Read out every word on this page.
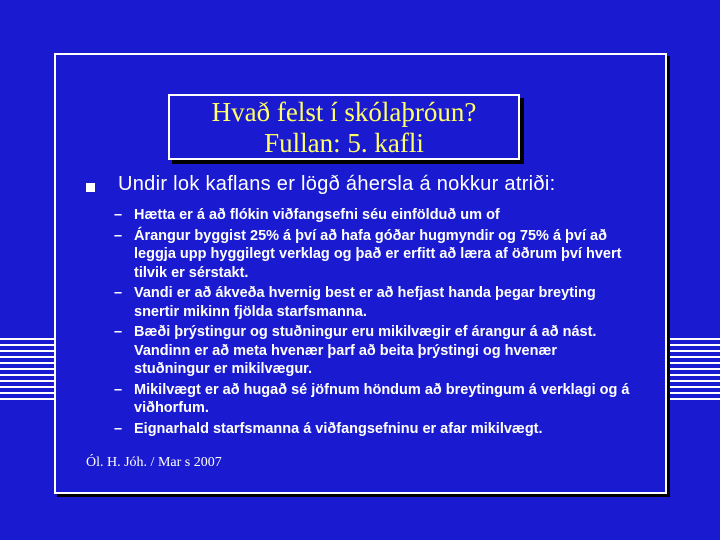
Hvað felst í skólaþróun?
Fullan: 5. kafli
Undir lok kaflans er lögð áhersla á nokkur atriði:
– Hætta er á að flókin viðfangsefni séu einfölduð um of
– Árangur byggist 25% á því að hafa góðar hugmyndir og 75% á því að leggja upp hyggilegt verklag og það er erfitt að læra af öðrum því hvert tilvik er sérstakt.
– Vandi er að ákveða hvernig best er að hefjast handa þegar breyting snertir mikinn fjölda starfsmanna.
– Bæði þrýstingur og stuðningur eru mikilvægir ef árangur á að nást. Vandinn er að meta hvenær þarf að beita þrýstingi og hvenær stuðningur er mikilvægur.
– Mikilvægt er að hugað sé jöfnum höndum að breytingum á verklagi og á viðhorfum.
– Eignarhald starfsmanna á viðfangsefninu er afar mikilvægt.
Ól. H. Jóh. / Mar s 2007
